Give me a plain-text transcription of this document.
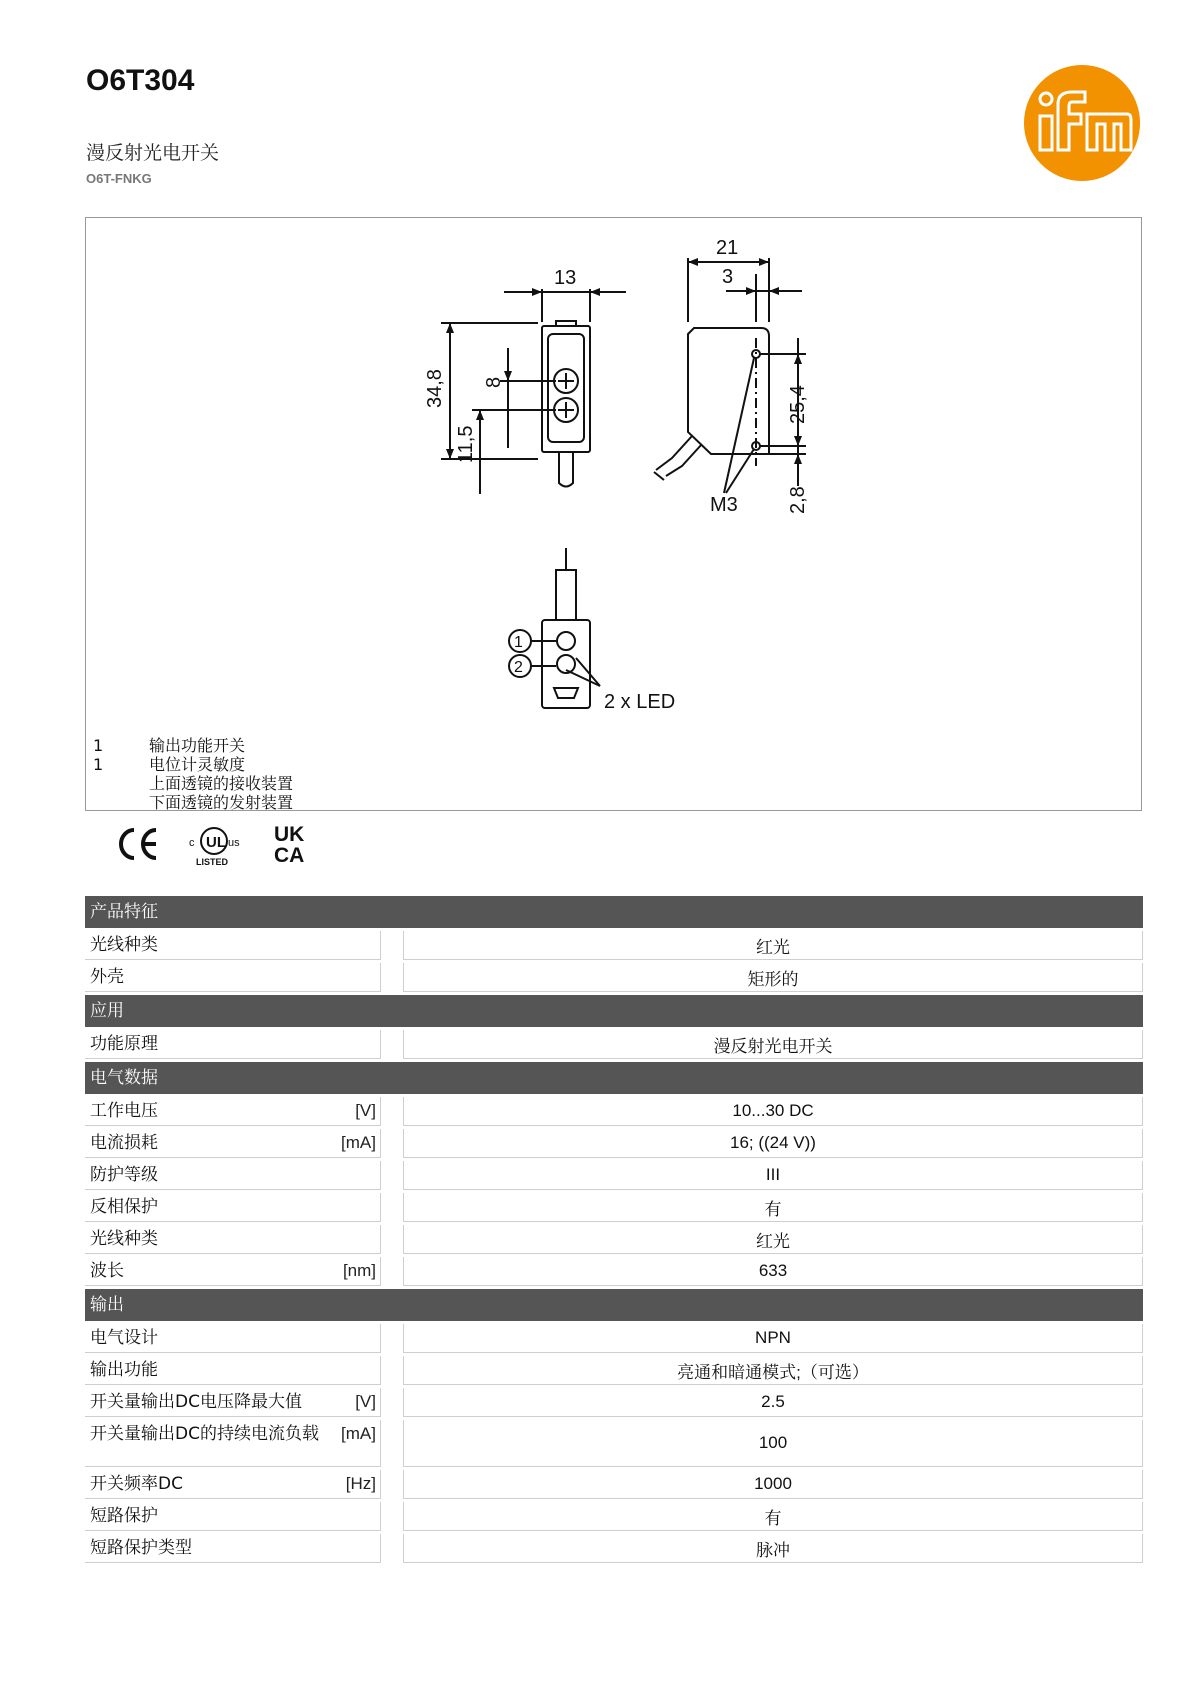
O6T304
漫反射光电开关
O6T-FNKG
13
21
3
34,8 8
11,5
25,4
2,8
M3
2 x LED
1
2
1	输出功能开关
1	电位计灵敏度
上面透镜的接收装置
下面透镜的发射装置
UL
c	us
LISTED
UK
CA
产品特征
光线种类	红光
外壳	矩形的
应用
功能原理	漫反射光电开关
电气数据
工作电压	[V]	10...30 DC
电流损耗	[mA]	16; ((24 V))
防护等级	III
反相保护	有
光线种类	红光
波长	[nm]	633
输出
电气设计	NPN
输出功能	亮通和暗通模式;（可选）
开关量输出DC电压降最大值	[V]	2.5
开关量输出DC的持续电流负载 [mA]	100
开关频率DC	[Hz]	1000
短路保护	有
短路保护类型	脉冲
